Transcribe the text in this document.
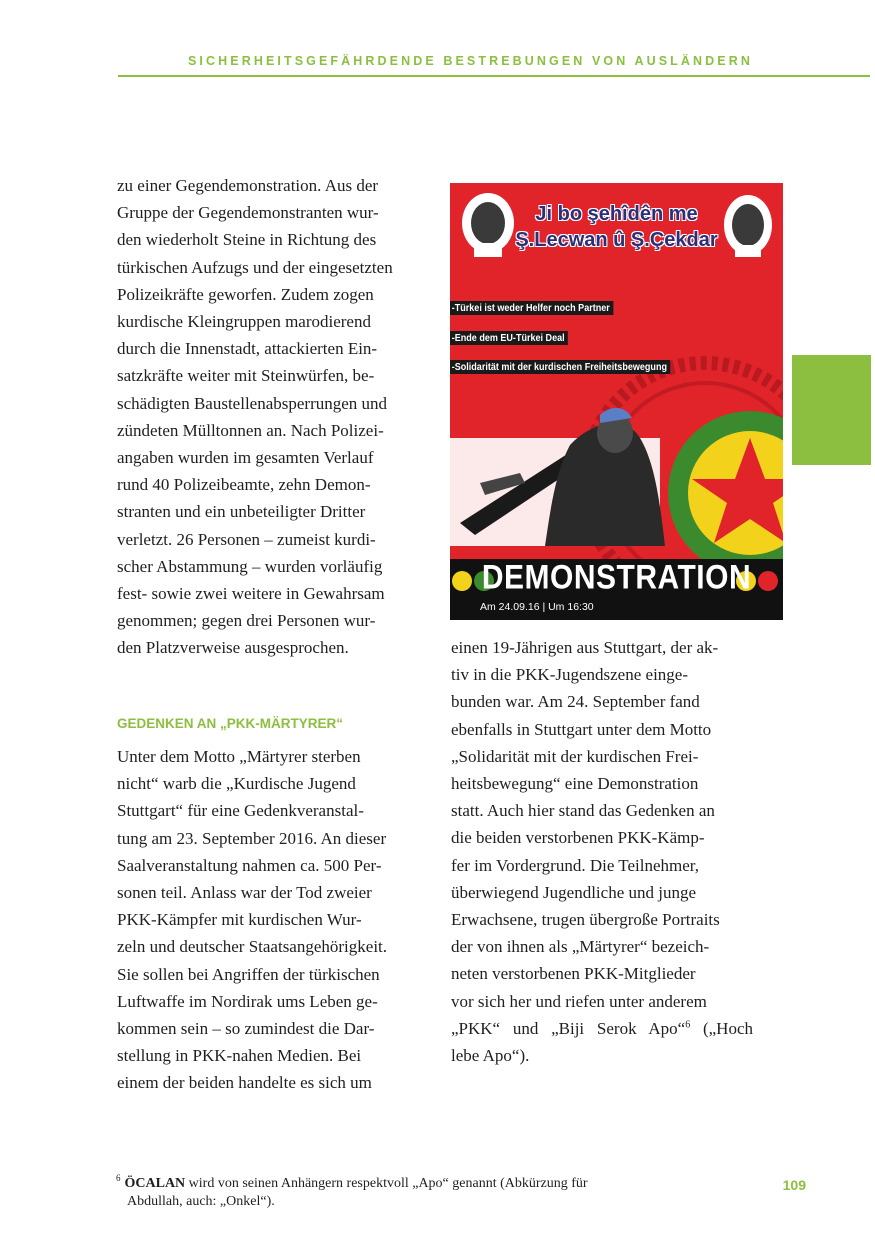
SICHERHEITSGEFÄHRDENDE BESTREBUNGEN VON AUSLÄNDERN

zu einer Gegendemonstration. Aus der

Gruppe der Gegendemonstranten wur-

den wiederholt Steine in Richtung des

türkischen Aufzugs und der eingesetzten

Polizeikräfte geworfen. Zudem zogen

kurdische Kleingruppen marodierend

durch die Innenstadt, attackierten Ein-

satzkräfte weiter mit Steinwürfen, be-

schädigten Baustellenabsperrungen und

zündeten Mülltonnen an. Nach Polizei-

angaben wurden im gesamten Verlauf

rund 40 Polizeibeamte, zehn Demon-

stranten und ein unbeteiligter Dritter

verletzt. 26 Personen – zumeist kurdi-

scher Abstammung – wurden vorläufig

fest- sowie zwei weitere in Gewahrsam

genommen; gegen drei Personen wur-

den Platzverweise ausgesprochen.

GEDENKEN AN „PKK-MÄRTYRER“

Unter dem Motto „Märtyrer sterben

nicht“ warb die „Kurdische Jugend

Stuttgart“ für eine Gedenkveranstal-

tung am 23. September 2016. An dieser

Saalveranstaltung nahmen ca. 500 Per-

sonen teil. Anlass war der Tod zweier

PKK-Kämpfer mit kurdischen Wur-

zeln und deutscher Staatsangehörigkeit.

Sie sollen bei Angriffen der türkischen

Luftwaffe im Nordirak ums Leben ge-

kommen sein – so zumindest die Dar-

stellung in PKK-nahen Medien. Bei

einem der beiden handelte es sich um

Ji bo şehîdên me
Ş.Lecwan û Ş.Çekdar
-Türkei ist weder Helfer noch Partner
-Ende dem EU-Türkei Deal
-Solidarität mit der kurdischen Freiheitsbewegung
DEMONSTRATION
Am 24.09.16 | Um 16:30

einen 19-Jährigen aus Stuttgart, der ak-

tiv in die PKK-Jugendszene einge-

bunden war. Am 24. September fand

ebenfalls in Stuttgart unter dem Motto

„Solidarität mit der kurdischen Frei-

heitsbewegung“ eine Demonstration

statt. Auch hier stand das Gedenken an

die beiden verstorbenen PKK-Kämp-

fer im Vordergrund. Die Teilnehmer,

überwiegend Jugendliche und junge

Erwachsene, trugen übergroße Portraits

der von ihnen als „Märtyrer“ bezeich-

neten verstorbenen PKK-Mitglieder

vor sich her und riefen unter anderem

„PKK“ und „Biji Serok Apo“$^6$ („Hoch

lebe Apo“).

$^6$ ÖCALAN wird von seinen Anhängern respektvoll „Apo“ genannt (Abkürzung für
Abdullah, auch: „Onkel“).
109
